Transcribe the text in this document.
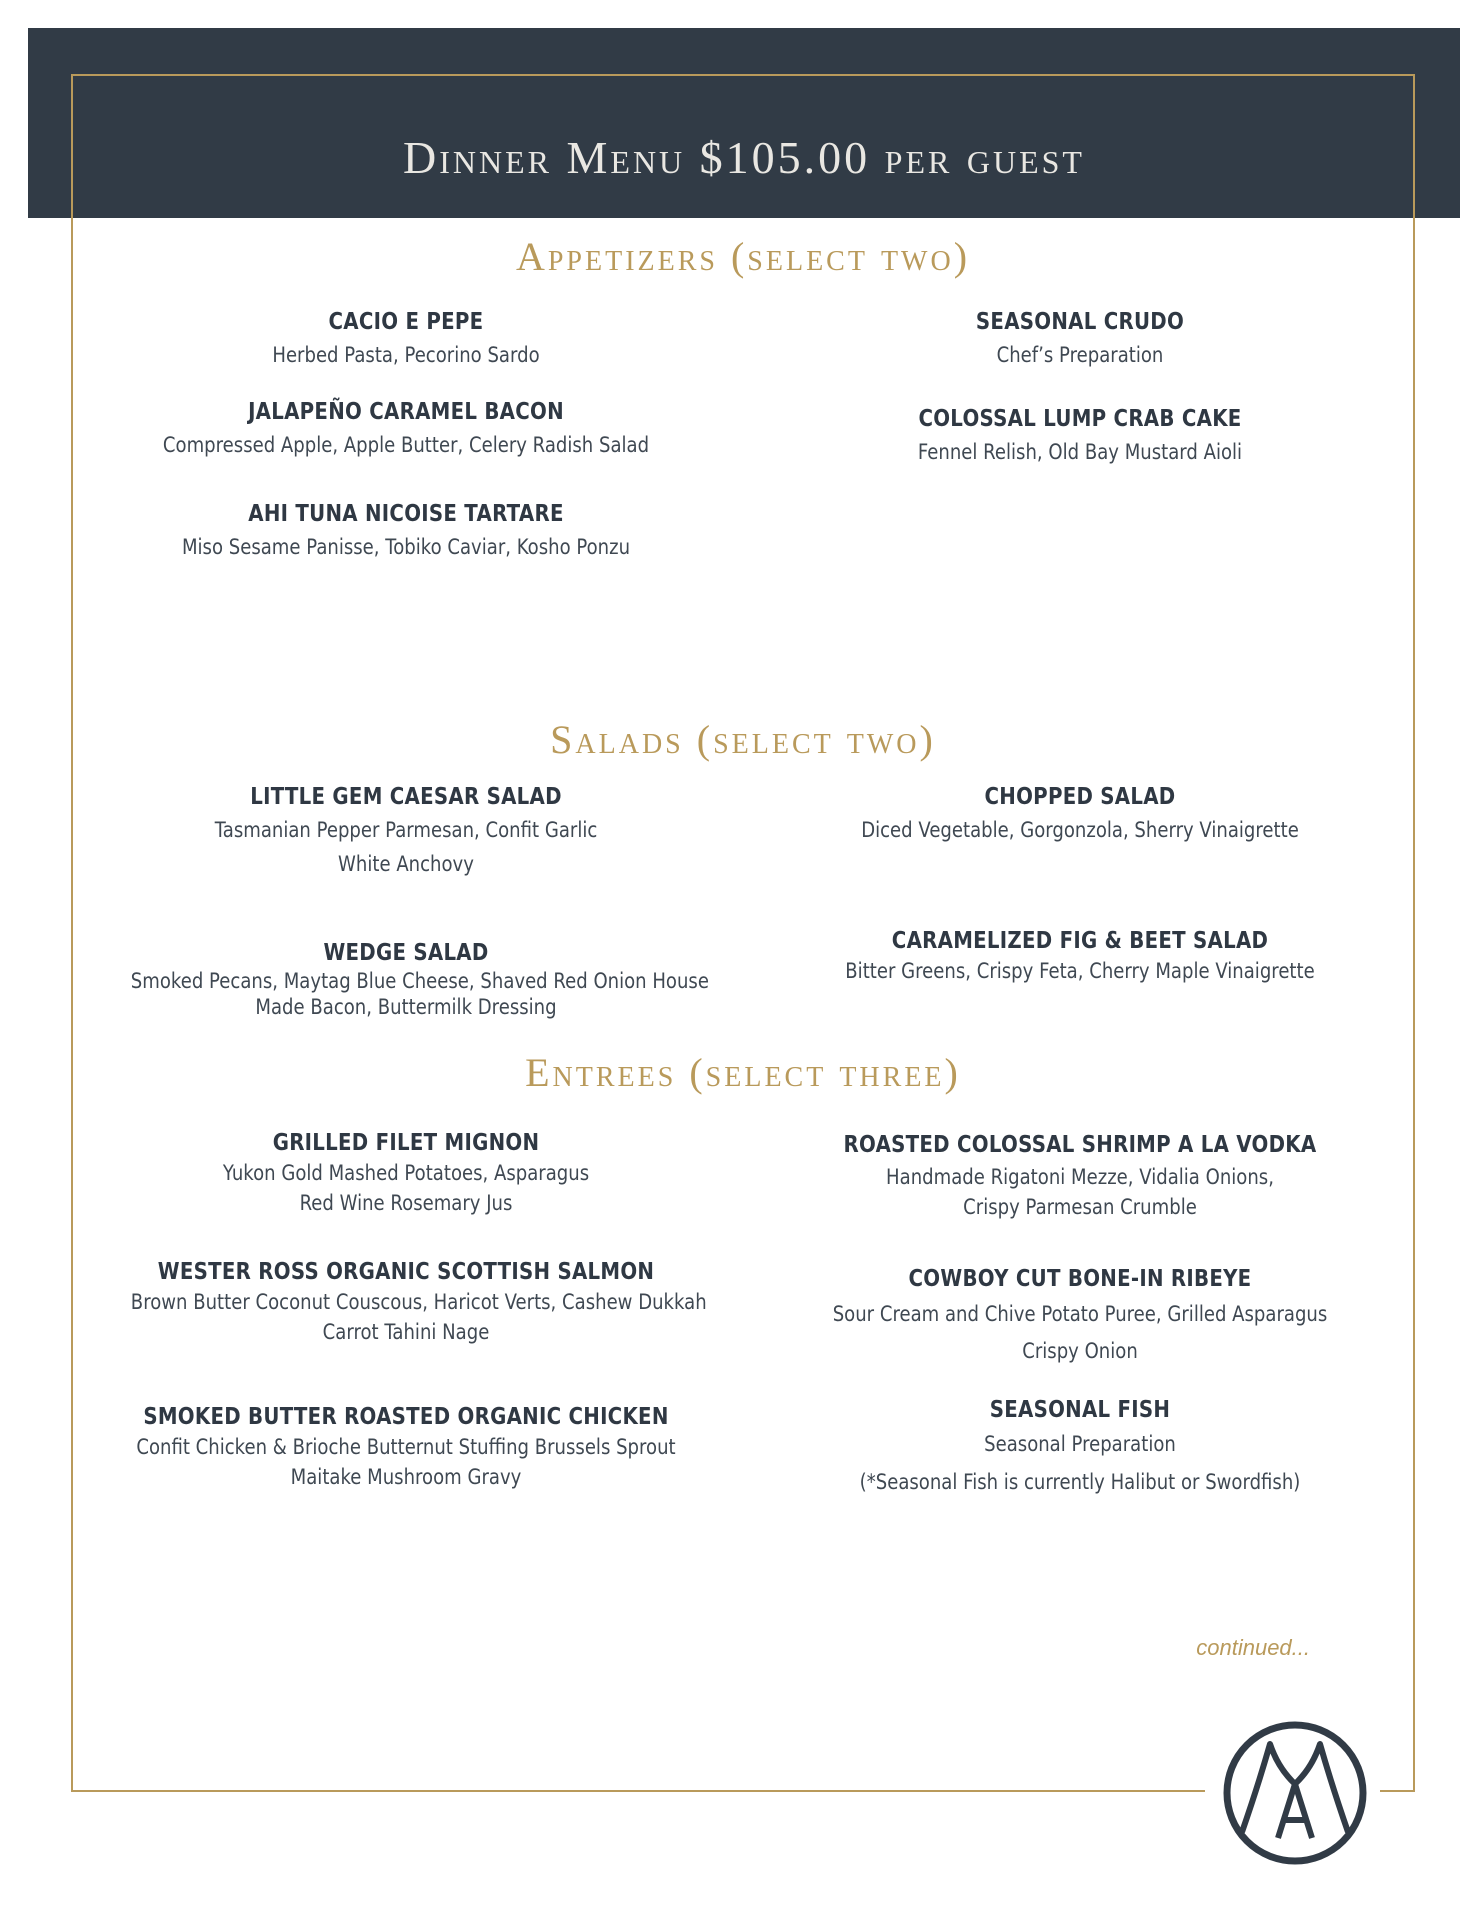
Dinner Menu $105.00 per guest
Appetizers (select two)
CACIO E PEPE
Herbed Pasta, Pecorino Sardo
JALAPEÑO CARAMEL BACON
Compressed Apple, Apple Butter, Celery Radish Salad
AHI TUNA NICOISE TARTARE
Miso Sesame Panisse, Tobiko Caviar, Kosho Ponzu
SEASONAL CRUDO
Chef’s Preparation
COLOSSAL LUMP CRAB CAKE
Fennel Relish, Old Bay Mustard Aioli
Salads (select two)
LITTLE GEM CAESAR SALAD
Tasmanian Pepper Parmesan, Confit Garlic
White Anchovy
WEDGE SALAD
Smoked Pecans, Maytag Blue Cheese, Shaved Red Onion House
Made Bacon, Buttermilk Dressing
CHOPPED SALAD
Diced Vegetable, Gorgonzola, Sherry Vinaigrette
CARAMELIZED FIG & BEET SALAD
Bitter Greens, Crispy Feta, Cherry Maple Vinaigrette
Entrees (select three)
GRILLED FILET MIGNON
Yukon Gold Mashed Potatoes, Asparagus
Red Wine Rosemary Jus
WESTER ROSS ORGANIC SCOTTISH SALMON
Brown Butter Coconut Couscous, Haricot Verts, Cashew Dukkah
Carrot Tahini Nage
SMOKED BUTTER ROASTED ORGANIC CHICKEN
Confit Chicken & Brioche Butternut Stuffing Brussels Sprout
Maitake Mushroom Gravy
ROASTED COLOSSAL SHRIMP A LA VODKA
Handmade Rigatoni Mezze, Vidalia Onions,
Crispy Parmesan Crumble
COWBOY CUT BONE-IN RIBEYE
Sour Cream and Chive Potato Puree, Grilled Asparagus
Crispy Onion
SEASONAL FISH
Seasonal Preparation
(*Seasonal Fish is currently Halibut or Swordfish)
continued...
